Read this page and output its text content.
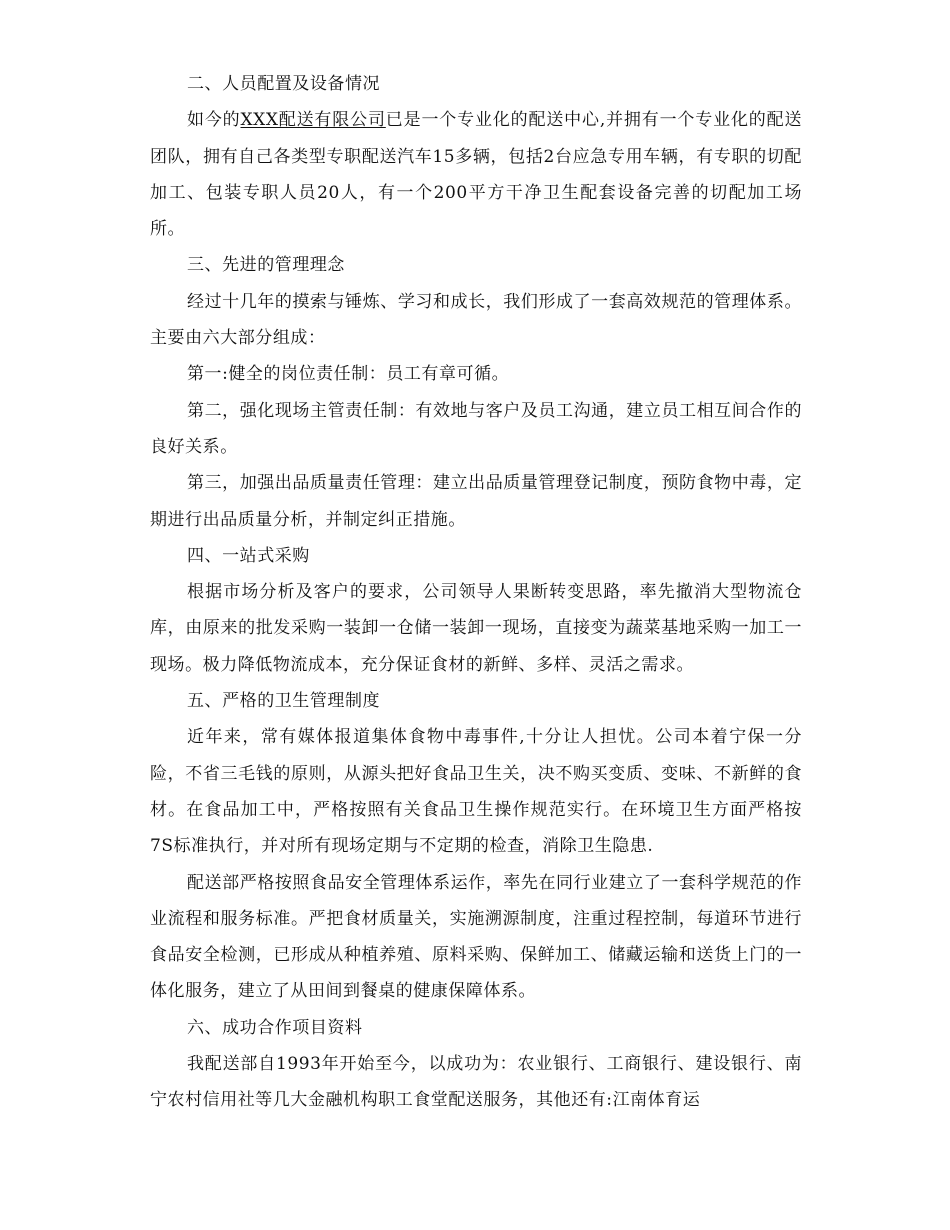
二、人员配置及设备情况

如今的XXX配送有限公司已是一个专业化的配送中心,并拥有一个专业化的配送团队，拥有自己各类型专职配送汽车15多辆，包括2台应急专用车辆，有专职的切配加工、包装专职人员20人，有一个200平方干净卫生配套设备完善的切配加工场所。

三、先进的管理理念

经过十几年的摸索与锤炼、学习和成长，我们形成了一套高效规范的管理体系。主要由六大部分组成：

第一:健全的岗位责任制：员工有章可循。

第二，强化现场主管责任制：有效地与客户及员工沟通，建立员工相互间合作的良好关系。

第三，加强出品质量责任管理：建立出品质量管理登记制度，预防食物中毒，定期进行出品质量分析，并制定纠正措施。

四、一站式采购

根据市场分析及客户的要求，公司领导人果断转变思路，率先撤消大型物流仓库，由原来的批发采购一装卸一仓储一装卸一现场，直接变为蔬菜基地采购一加工一现场。极力降低物流成本，充分保证食材的新鲜、多样、灵活之需求。

五、严格的卫生管理制度

近年来，常有媒体报道集体食物中毒事件,十分让人担忧。公司本着宁保一分险，不省三毛钱的原则，从源头把好食品卫生关，决不购买变质、变味、不新鲜的食材。在食品加工中，严格按照有关食品卫生操作规范实行。在环境卫生方面严格按7S标准执行，并对所有现场定期与不定期的检查，消除卫生隐患.

配送部严格按照食品安全管理体系运作，率先在同行业建立了一套科学规范的作业流程和服务标准。严把食材质量关，实施溯源制度，注重过程控制，每道环节进行食品安全检测，已形成从种植养殖、原料采购、保鲜加工、储藏运输和送货上门的一体化服务，建立了从田间到餐桌的健康保障体系。

六、成功合作项目资料

我配送部自1993年开始至今，以成功为：农业银行、工商银行、建设银行、南宁农村信用社等几大金融机构职工食堂配送服务，其他还有:江南体育运
